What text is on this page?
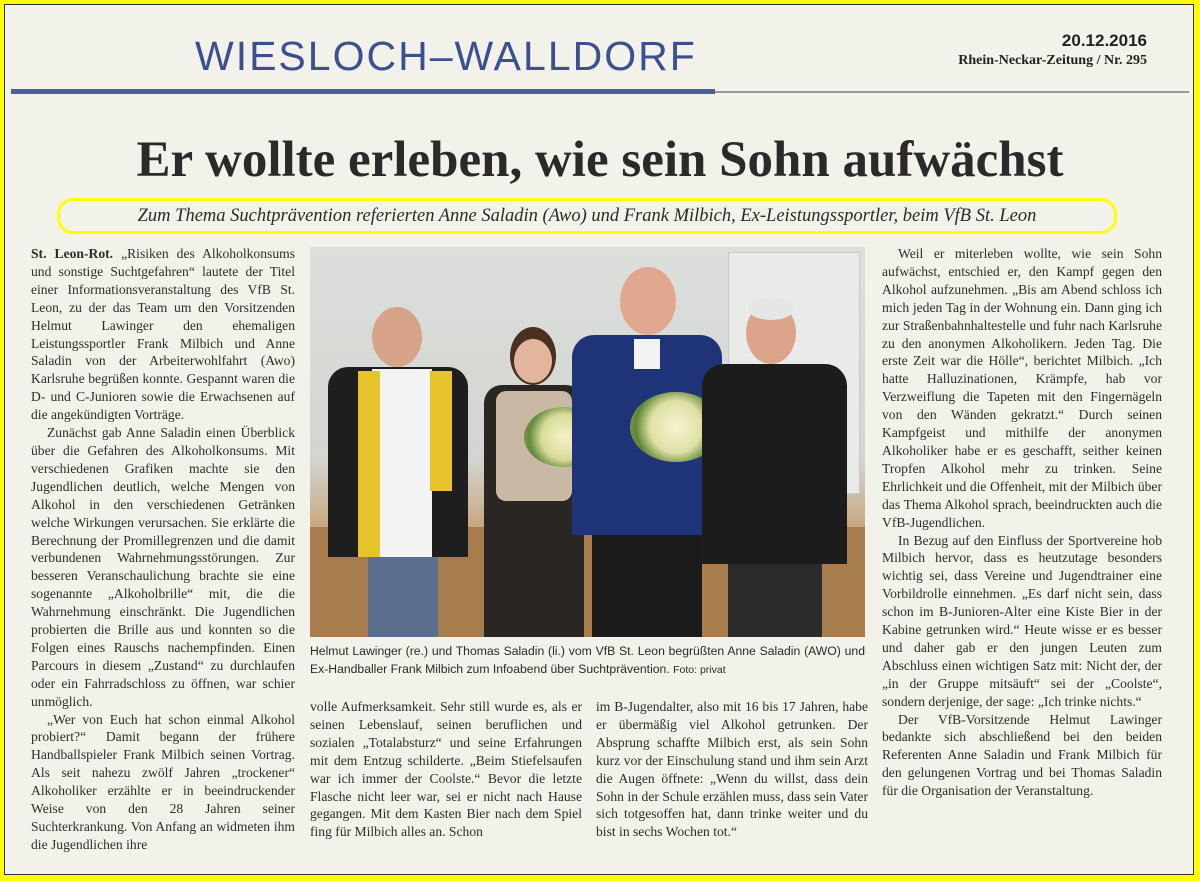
WIESLOCH–WALLDORF	20.12.2016
Rhein-Neckar-Zeitung / Nr. 295
Er wollte erleben, wie sein Sohn aufwächst
Zum Thema Suchtprävention referierten Anne Saladin (Awo) und Frank Milbich, Ex-Leistungssportler, beim VfB St. Leon

St. Leon-Rot. „Risiken des Alkoholkonsums und sonstige Suchtgefahren“ lautete der Titel einer Informationsveranstaltung des VfB St. Leon, zu der das Team um den Vorsitzenden Helmut Lawinger den ehemaligen Leistungssportler Frank Milbich und Anne Saladin von der Arbeiterwohlfahrt (Awo) Karlsruhe begrüßen konnte. Gespannt waren die D- und C-Junioren sowie die Erwachsenen auf die angekündigten Vorträge.

Zunächst gab Anne Saladin einen Überblick über die Gefahren des Alkoholkonsums. Mit verschiedenen Grafiken machte sie den Jugendlichen deutlich, welche Mengen von Alkohol in den verschiedenen Getränken welche Wirkungen verursachen. Sie erklärte die Berechnung der Promillegrenzen und die damit verbundenen Wahrnehmungsstörungen. Zur besseren Veranschaulichung brachte sie eine sogenannte „Alkoholbrille“ mit, die die Wahrnehmung einschränkt. Die Jugendlichen probierten die Brille aus und konnten so die Folgen eines Rauschs nachempfinden. Einen Parcours in diesem „Zustand“ zu durchlaufen oder ein Fahrradschloss zu öffnen, war schier unmöglich.

„Wer von Euch hat schon einmal Alkohol probiert?“ Damit begann der frühere Handballspieler Frank Milbich seinen Vortrag. Als seit nahezu zwölf Jahren „trockener“ Alkoholiker erzählte er in beeindruckender Weise von den 28 Jahren seiner Suchterkrankung. Von Anfang an widmeten ihm die Jugendlichen ihre

Helmut Lawinger (re.) und Thomas Saladin (li.) vom VfB St. Leon begrüßten Anne Saladin (AWO) und Ex-Handballer Frank Milbich zum Infoabend über Suchtprävention. Foto: privat

volle Aufmerksamkeit. Sehr still wurde es, als er seinen Lebenslauf, seinen beruflichen und sozialen „Totalabsturz“ und seine Erfahrungen mit dem Entzug schilderte. „Beim Stiefelsaufen war ich immer der Coolste.“ Bevor die letzte Flasche nicht leer war, sei er nicht nach Hause gegangen. Mit dem Kasten Bier nach dem Spiel fing für Milbich alles an. Schon

im B-Jugendalter, also mit 16 bis 17 Jahren, habe er übermäßig viel Alkohol getrunken. Der Absprung schaffte Milbich erst, als sein Sohn kurz vor der Einschulung stand und ihm sein Arzt die Augen öffnete: „Wenn du willst, dass dein Sohn in der Schule erzählen muss, dass sein Vater sich totgesoffen hat, dann trinke weiter und du bist in sechs Wochen tot.“

Weil er miterleben wollte, wie sein Sohn aufwächst, entschied er, den Kampf gegen den Alkohol aufzunehmen. „Bis am Abend schloss ich mich jeden Tag in der Wohnung ein. Dann ging ich zur Straßenbahnhaltestelle und fuhr nach Karlsruhe zu den anonymen Alkoholikern. Jeden Tag. Die erste Zeit war die Hölle“, berichtet Milbich. „Ich hatte Halluzinationen, Krämpfe, hab vor Verzweiflung die Tapeten mit den Fingernägeln von den Wänden gekratzt.“ Durch seinen Kampfgeist und mithilfe der anonymen Alkoholiker habe er es geschafft, seither keinen Tropfen Alkohol mehr zu trinken. Seine Ehrlichkeit und die Offenheit, mit der Milbich über das Thema Alkohol sprach, beeindruckten auch die VfB-Jugendlichen.

In Bezug auf den Einfluss der Sportvereine hob Milbich hervor, dass es heutzutage besonders wichtig sei, dass Vereine und Jugendtrainer eine Vorbildrolle einnehmen. „Es darf nicht sein, dass schon im B-Junioren-Alter eine Kiste Bier in der Kabine getrunken wird.“ Heute wisse er es besser und daher gab er den jungen Leuten zum Abschluss einen wichtigen Satz mit: Nicht der, der „in der Gruppe mitsäuft“ sei der „Coolste“, sondern derjenige, der sage: „Ich trinke nichts.“

Der VfB-Vorsitzende Helmut Lawinger bedankte sich abschließend bei den beiden Referenten Anne Saladin und Frank Milbich für den gelungenen Vortrag und bei Thomas Saladin für die Organisation der Veranstaltung.
